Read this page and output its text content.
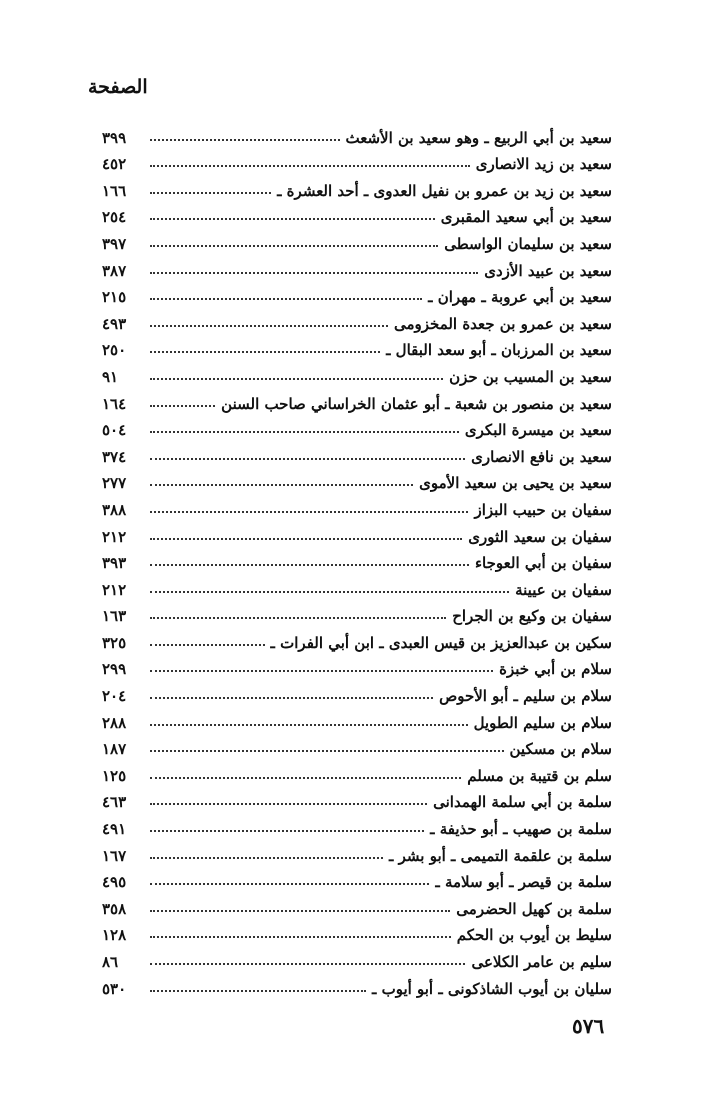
الصفحة
سعيد بن أبي الربيع ـ وهو سعيد بن الأشعث
٣٩٩
سعيد بن زيد الانصارى
٤٥٢
سعيد بن زيد بن عمرو بن نفيل العدوى ـ أحد العشرة ـ
١٦٦
سعيد بن أبي سعيد المقبرى
٢٥٤
سعيد بن سليمان الواسطى
٣٩٧
سعيد بن عبيد الأزدى
٣٨٧
سعيد بن أبي عروبة ـ مهران ـ
٢١٥
سعيد بن عمرو بن جعدة المخزومى
٤٩٣
سعيد بن المرزبان ـ أبو سعد البقال ـ
٢٥٠
سعيد بن المسيب بن حزن
٩١
سعيد بن منصور بن شعبة ـ أبو عثمان الخراساني صاحب السنن
١٦٤
سعيد بن ميسرة البكرى
٥٠٤
سعيد بن نافع الانصارى
٣٧٤
سعيد بن يحيى بن سعيد الأموى
٢٧٧
سفيان بن حبيب البزاز
٣٨٨
سفيان بن سعيد الثورى
٢١٢
سفيان بن أبي العوجاء
٣٩٣
سفيان بن عيينة
٢١٢
سفيان بن وكيع بن الجراح
١٦٣
سكين بن عبدالعزيز بن قيس العبدى ـ ابن أبي الفرات ـ
٣٢٥
سلام بن أبي خبزة
٢٩٩
سلام بن سليم ـ أبو الأحوص
٢٠٤
سلام بن سليم الطويل
٢٨٨
سلام بن مسكين
١٨٧
سلم بن قتيبة بن مسلم
١٢٥
سلمة بن أبي سلمة الهمدانى
٤٦٣
سلمة بن صهيب ـ أبو حذيفة ـ
٤٩١
سلمة بن علقمة التميمى ـ أبو بشر ـ
١٦٧
سلمة بن قيصر ـ أبو سلامة ـ
٤٩٥
سلمة بن كهيل الحضرمى
٣٥٨
سليط بن أيوب بن الحكم
١٢٨
سليم بن عامر الكلاعى
٨٦
سليان بن أيوب الشاذكونى ـ أبو أيوب ـ
٥٣٠
٥٧٦
